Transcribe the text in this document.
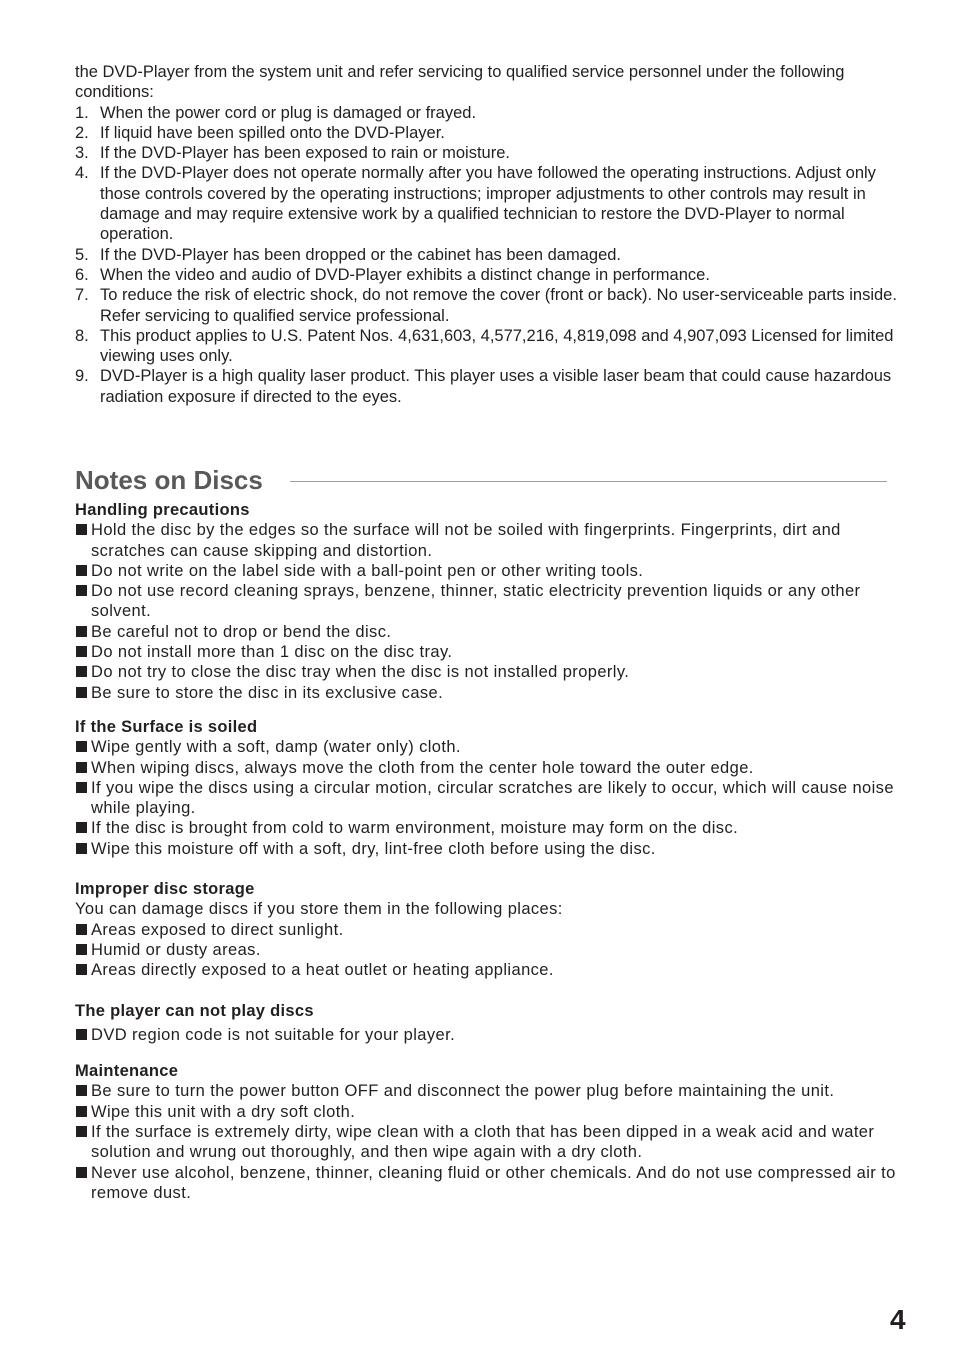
the DVD-Player from the system unit and refer servicing to qualified service personnel under the following conditions:

1. When the power cord or plug is damaged or frayed.
2. If liquid have been spilled onto the DVD-Player.
3. If the DVD-Player has been exposed to rain or moisture.
4. If the DVD-Player does not operate normally after you have followed the operating instructions. Adjust only those controls covered by the operating instructions; improper adjustments to other controls may result in damage and may require extensive work by a qualified technician to restore the DVD-Player to normal operation.
5. If the DVD-Player has been dropped or the cabinet has been damaged.
6. When the video and audio of DVD-Player exhibits a distinct change in performance.
7. To reduce the risk of electric shock, do not remove the cover (front or back). No user-serviceable parts inside. Refer servicing to qualified service professional.
8. This product applies to U.S. Patent Nos. 4,631,603, 4,577,216, 4,819,098 and 4,907,093 Licensed for limited viewing uses only.
9. DVD-Player is a high quality laser product. This player uses a visible laser beam that could cause hazardous radiation exposure if directed to the eyes.
Notes on Discs

Handling precautions

Hold the disc by the edges so the surface will not be soiled with fingerprints. Fingerprints, dirt and scratches can cause skipping and distortion.
Do not write on the label side with a ball-point pen or other writing tools.
Do not use record cleaning sprays, benzene, thinner, static electricity prevention liquids or any other solvent.
Be careful not to drop or bend the disc.
Do not install more than 1 disc on the disc tray.
Do not try to close the disc tray when the disc is not installed properly.
Be sure to store the disc in its exclusive case.

If the Surface is soiled

Wipe gently with a soft, damp (water only) cloth.
When wiping discs, always move the cloth from the center hole toward the outer edge.
If you wipe the discs using a circular motion, circular scratches are likely to occur, which will cause noise while playing.
If the disc is brought from cold to warm environment, moisture may form on the disc.
Wipe this moisture off with a soft, dry, lint-free cloth before using the disc.

Improper disc storage

You can damage discs if you store them in the following places:

Areas exposed to direct sunlight.
Humid or dusty areas.
Areas directly exposed to a heat outlet or heating appliance.

The player can not play discs

DVD region code is not suitable for your player.

Maintenance

Be sure to turn the power button OFF and disconnect the power plug before maintaining the unit.
Wipe this unit with a dry soft cloth.
If the surface is extremely dirty, wipe clean with a cloth that has been dipped in a weak acid and water solution and wrung out thoroughly, and then wipe again with a dry cloth.
Never use alcohol, benzene, thinner, cleaning fluid or other chemicals. And do not use compressed air to remove dust.
4
